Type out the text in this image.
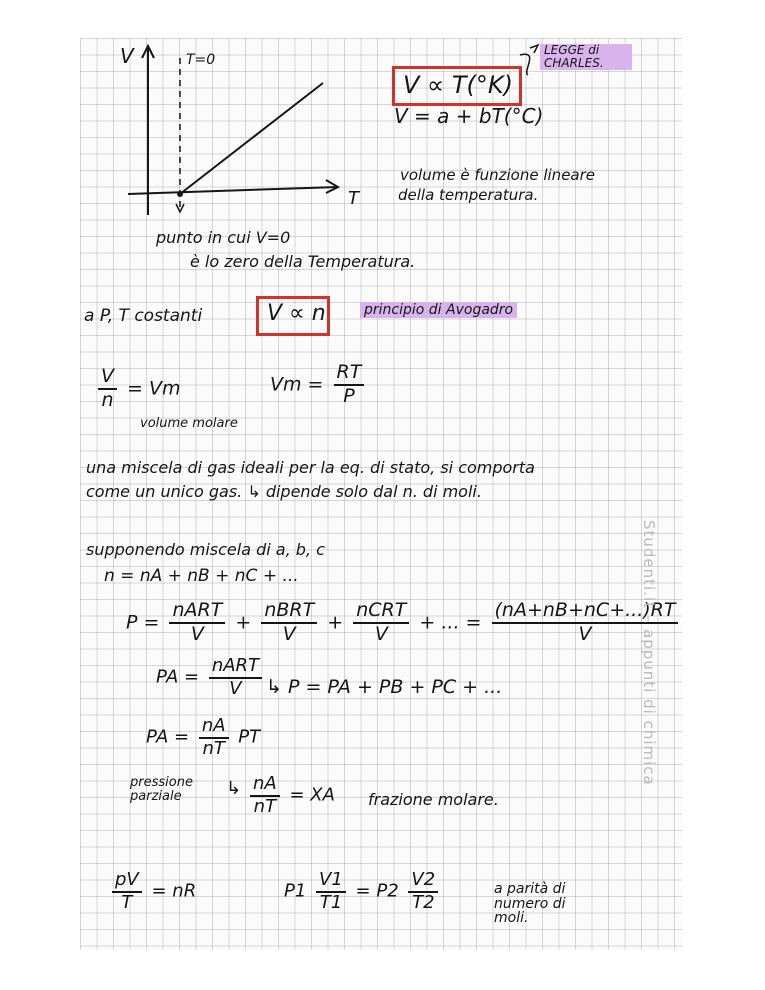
V	T=0
T
punto in cui V=0
è lo zero della Temperatura.
V ∝ T(°K)
LEGGE di CHARLES.
V = a + bT(°C)
volume è funzione lineare
della temperatura.
a P, T costanti	V ∝ n	principio di Avogadro
$\frac{V}{n} = Vm$
volume molare
$Vm = \frac{RT}{P}$
una miscela di gas ideali per la eq. di stato, si comporta
come un unico gas. ↳ dipende solo dal n. di moli.
supponendo miscela di a, b, c
n = nA + nB + nC + ...
$P = \frac{\text{nART}}{V} + \frac{\text{nBRT}}{V} + \frac{\text{nCRT}}{V}$ + ... = $\frac{(nA+nB+nC+...)RT}{V}$
PA = $\frac{\text{nART}}{V}$ ↳ P = PA + PB + PC + ...
PA = $\frac{nA}{nT}$ PT
pressione
parziale	↳ $\frac{nA}{nT}$ = XA frazione molare.
$\frac{pV}{T}$ = nR	$P1 \frac{V1}{T1} = P2 \frac{V2}{T2}$	a parità di
numero di
moli.
Studenti.it – appunti di chimica
